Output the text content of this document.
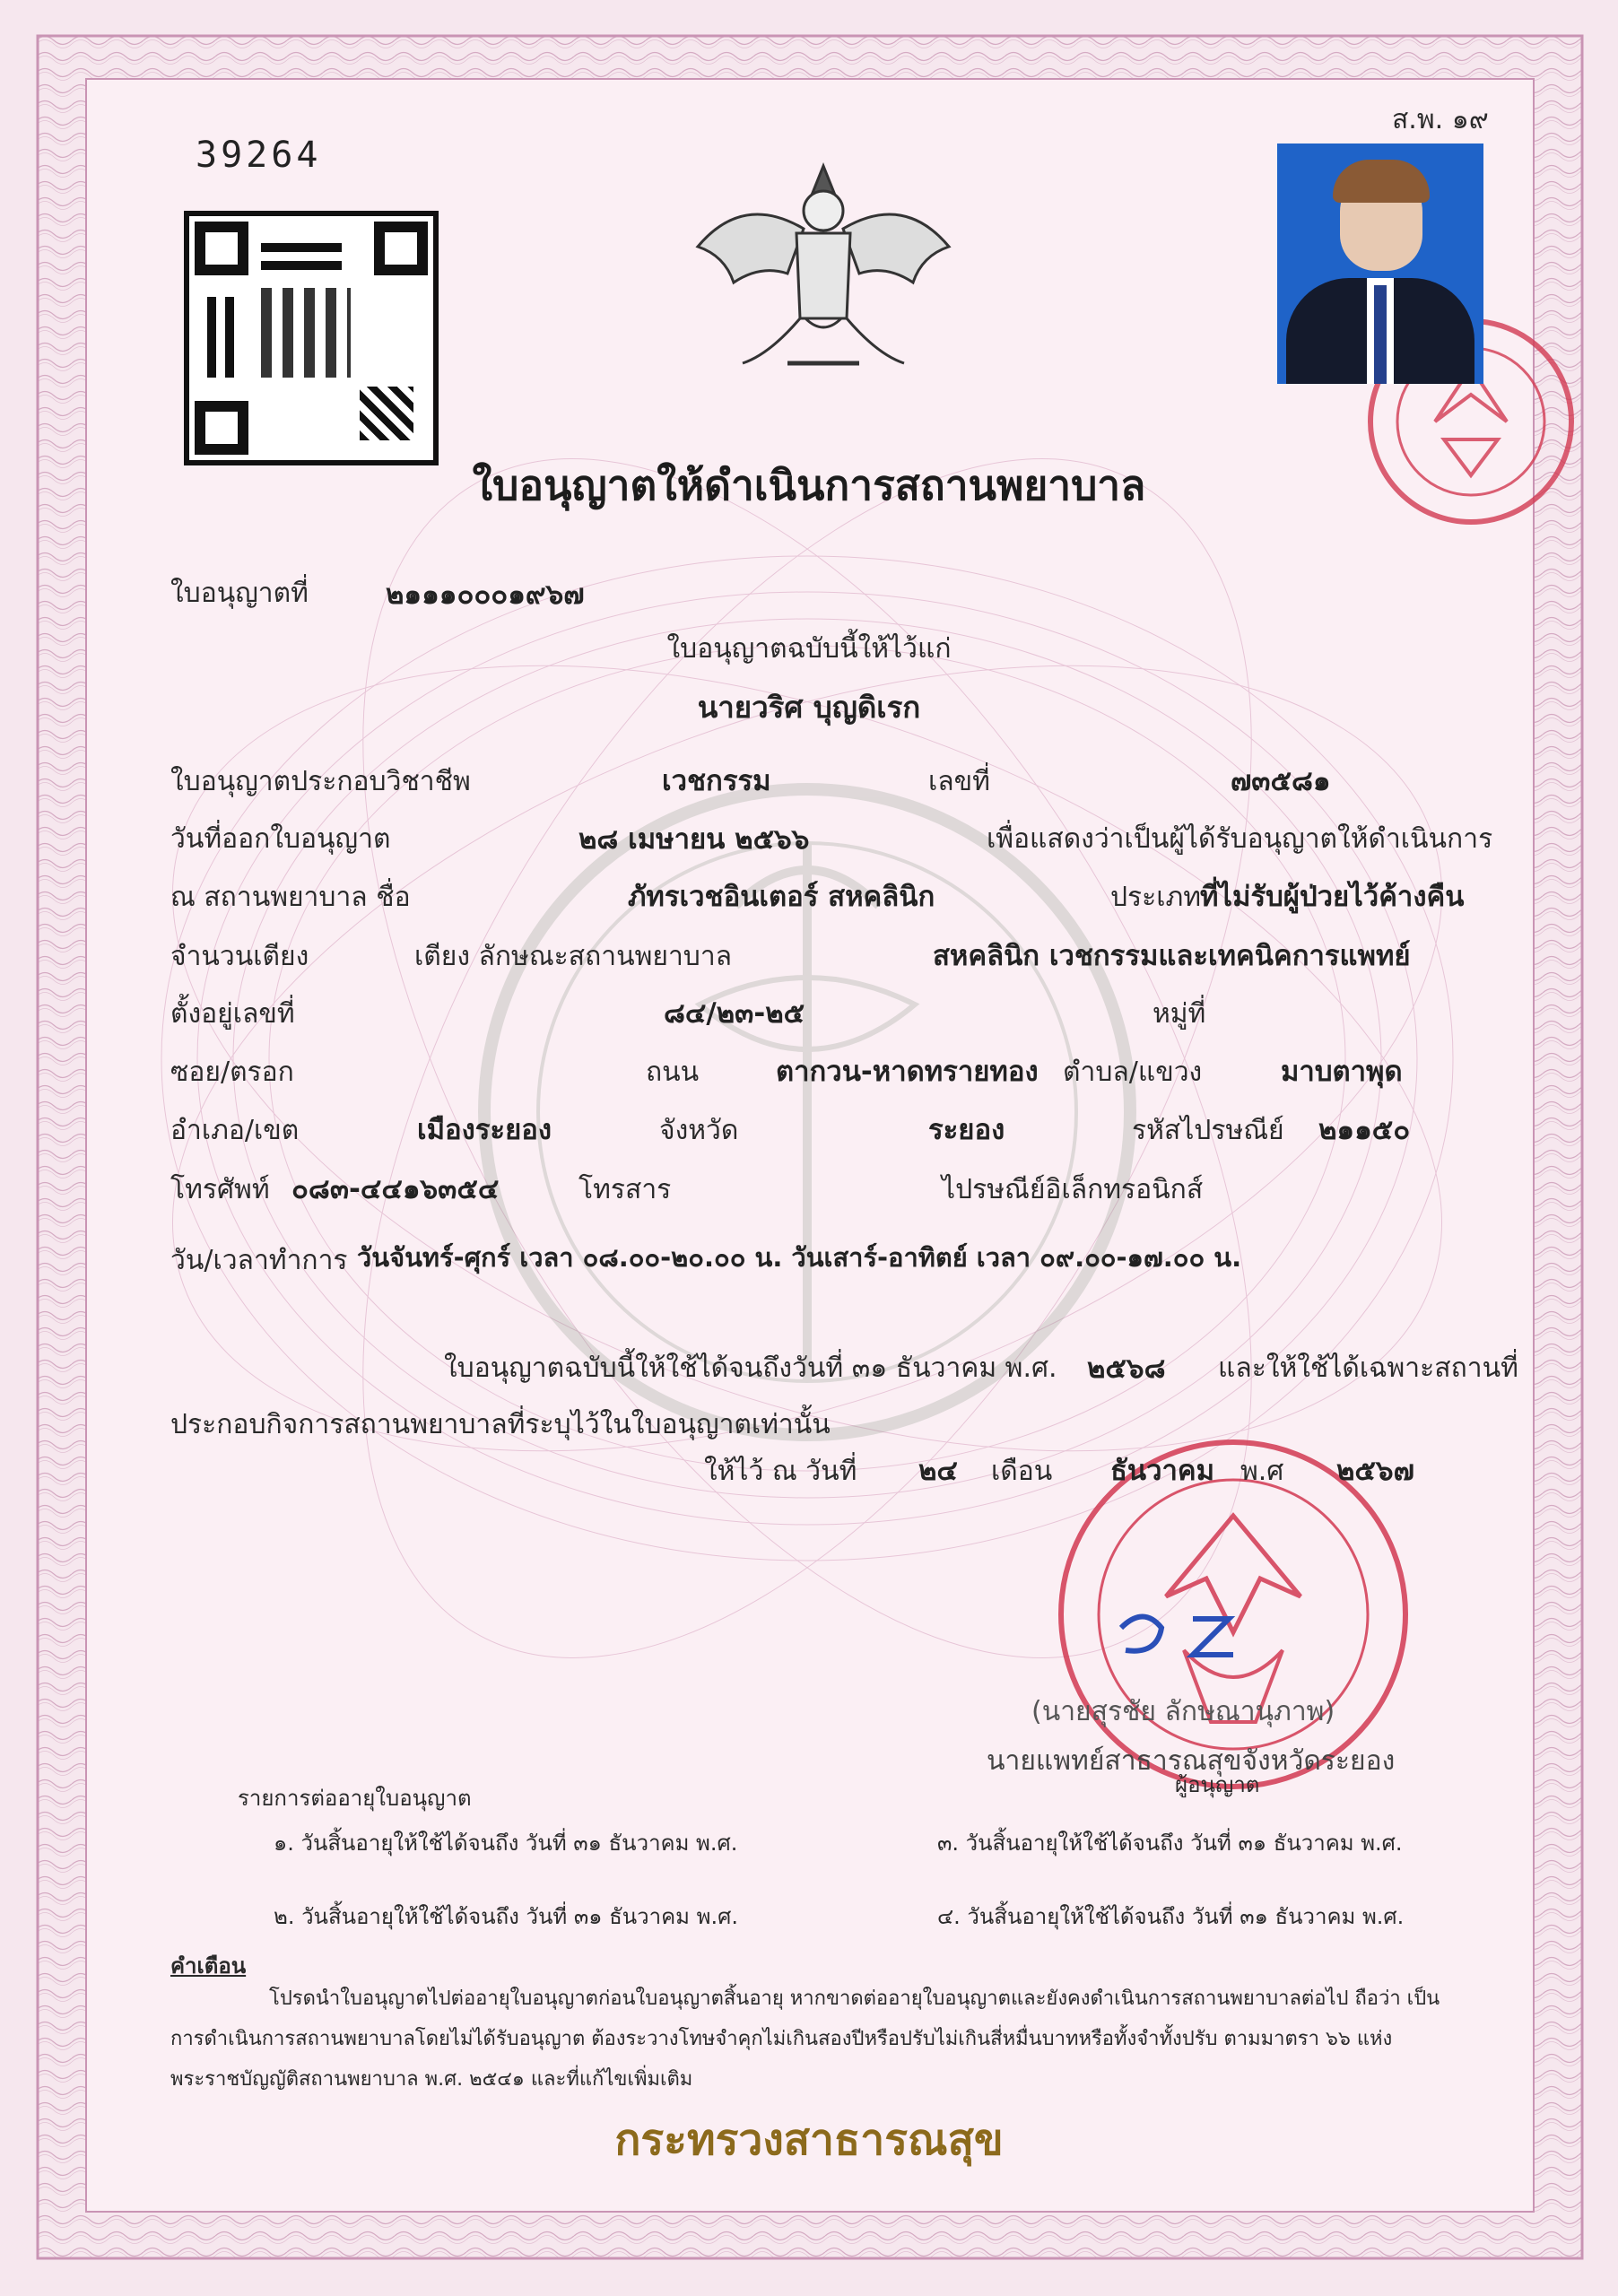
ส.พ. ๑๙
39264
ใบอนุญาตให้ดำเนินการสถานพยาบาล
ใบอนุญาตที่	๒๑๑๑๐๐๐๑๙๖๗
ใบอนุญาตฉบับนี้ให้ไว้แก่
นายวริศ บุญดิเรก
ใบอนุญาตประกอบวิชาชีพ	เวชกรรม	เลขที่	๗๓๕๘๑
วันที่ออกใบอนุญาต	๒๘ เมษายน ๒๕๖๖	เพื่อแสดงว่าเป็นผู้ได้รับอนุญาตให้ดำเนินการ
ณ สถานพยาบาล ชื่อ	ภัทรเวชอินเตอร์ สหคลินิก	ประเภท
ที่ไม่รับผู้ป่วยไว้ค้างคืน
จำนวนเตียง	เตียง ลักษณะสถานพยาบาล	สหคลินิก เวชกรรมและเทคนิคการแพทย์
ตั้งอยู่เลขที่	๘๔/๒๓-๒๕	หมู่ที่
ซอย/ตรอก	ถนน	ตากวน-หาดทรายทอง ตำบล/แขวง	มาบตาพุด
อำเภอ/เขต	เมืองระยอง	จังหวัด	ระยอง	รหัสไปรษณีย์ ๒๑๑๕๐
โทรศัพท์ ๐๘๓-๔๔๑๖๓๕๔	โทรสาร	ไปรษณีย์อิเล็กทรอนิกส์
วัน/เวลาทำการ วันจันทร์-ศุกร์ เวลา ๐๘.๐๐-๒๐.๐๐ น. วันเสาร์-อาทิตย์ เวลา ๐๙.๐๐-๑๗.๐๐ น.
ใบอนุญาตฉบับนี้ให้ใช้ได้จนถึงวันที่ ๓๑ ธันวาคม พ.ศ. ๒๕๖๘ และให้ใช้ได้เฉพาะสถานที่
ประกอบกิจการสถานพยาบาลที่ระบุไว้ในใบอนุญาตเท่านั้น
ให้ไว้ ณ วันที่ ๒๔ เดือน ธันวาคม พ.ศ ๒๕๖๗
(นายสุรชัย ลักษณานุภาพ)
นายแพทย์สาธารณสุขจังหวัดระยอง
ผู้อนุญาต
รายการต่ออายุใบอนุญาต
๑. วันสิ้นอายุให้ใช้ได้จนถึง วันที่ ๓๑ ธันวาคม พ.ศ.	๓. วันสิ้นอายุให้ใช้ได้จนถึง วันที่ ๓๑ ธันวาคม พ.ศ.
๒. วันสิ้นอายุให้ใช้ได้จนถึง วันที่ ๓๑ ธันวาคม พ.ศ.	๔. วันสิ้นอายุให้ใช้ได้จนถึง วันที่ ๓๑ ธันวาคม พ.ศ.
คำเตือน
โปรดนำใบอนุญาตไปต่ออายุใบอนุญาตก่อนใบอนุญาตสิ้นอายุ หากขาดต่ออายุใบอนุญาตและยังคงดำเนินการสถานพยาบาลต่อไป ถือว่า เป็น
การดำเนินการสถานพยาบาลโดยไม่ได้รับอนุญาต ต้องระวางโทษจำคุกไม่เกินสองปีหรือปรับไม่เกินสี่หมื่นบาทหรือทั้งจำทั้งปรับ ตามมาตรา ๖๖ แห่ง
พระราชบัญญัติสถานพยาบาล พ.ศ. ๒๕๔๑ และที่แก้ไขเพิ่มเติม
กระทรวงสาธารณสุข
